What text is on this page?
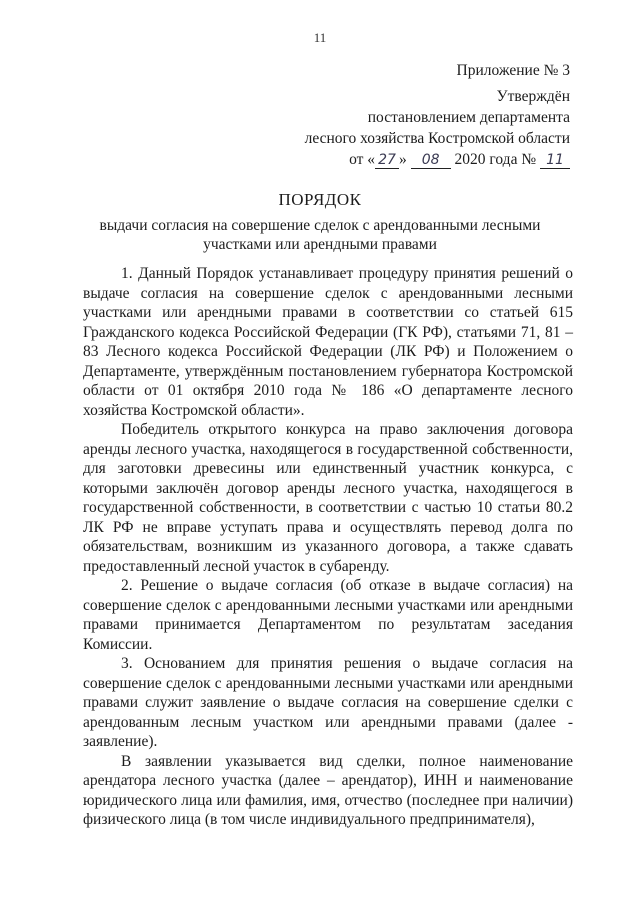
11
Приложение № 3
Утверждён
постановлением департамента
лесного хозяйства Костромской области
от « 27 » 08 2020 года № 11
ПОРЯДОК
выдачи согласия на совершение сделок с арендованными лесными
участками или арендными правами

1. Данный Порядок устанавливает процедуру принятия решений о выдаче согласия на совершение сделок с арендованными лесными участками или арендными правами в соответствии со статьей 615 Гражданского кодекса Российской Федерации (ГК РФ), статьями 71, 81 – 83 Лесного кодекса Российской Федерации (ЛК РФ) и Положением о Департаменте, утверждённым постановлением губернатора Костромской области от 01 октября 2010 года № 186 «О департаменте лесного хозяйства Костромской области».

Победитель открытого конкурса на право заключения договора аренды лесного участка, находящегося в государственной собственности, для заготовки древесины или единственный участник конкурса, с которыми заключён договор аренды лесного участка, находящегося в государственной собственности, в соответствии с частью 10 статьи 80.2 ЛК РФ не вправе уступать права и осуществлять перевод долга по обязательствам, возникшим из указанного договора, а также сдавать предоставленный лесной участок в субаренду.

2. Решение о выдаче согласия (об отказе в выдаче согласия) на совершение сделок с арендованными лесными участками или арендными правами принимается Департаментом по результатам заседания Комиссии.

3. Основанием для принятия решения о выдаче согласия на совершение сделок с арендованными лесными участками или арендными правами служит заявление о выдаче согласия на совершение сделки с арендованным лесным участком или арендными правами (далее - заявление).

В заявлении указывается вид сделки, полное наименование арендатора лесного участка (далее – арендатор), ИНН и наименование юридического лица или фамилия, имя, отчество (последнее при наличии) физического лица (в том числе индивидуального предпринимателя),
